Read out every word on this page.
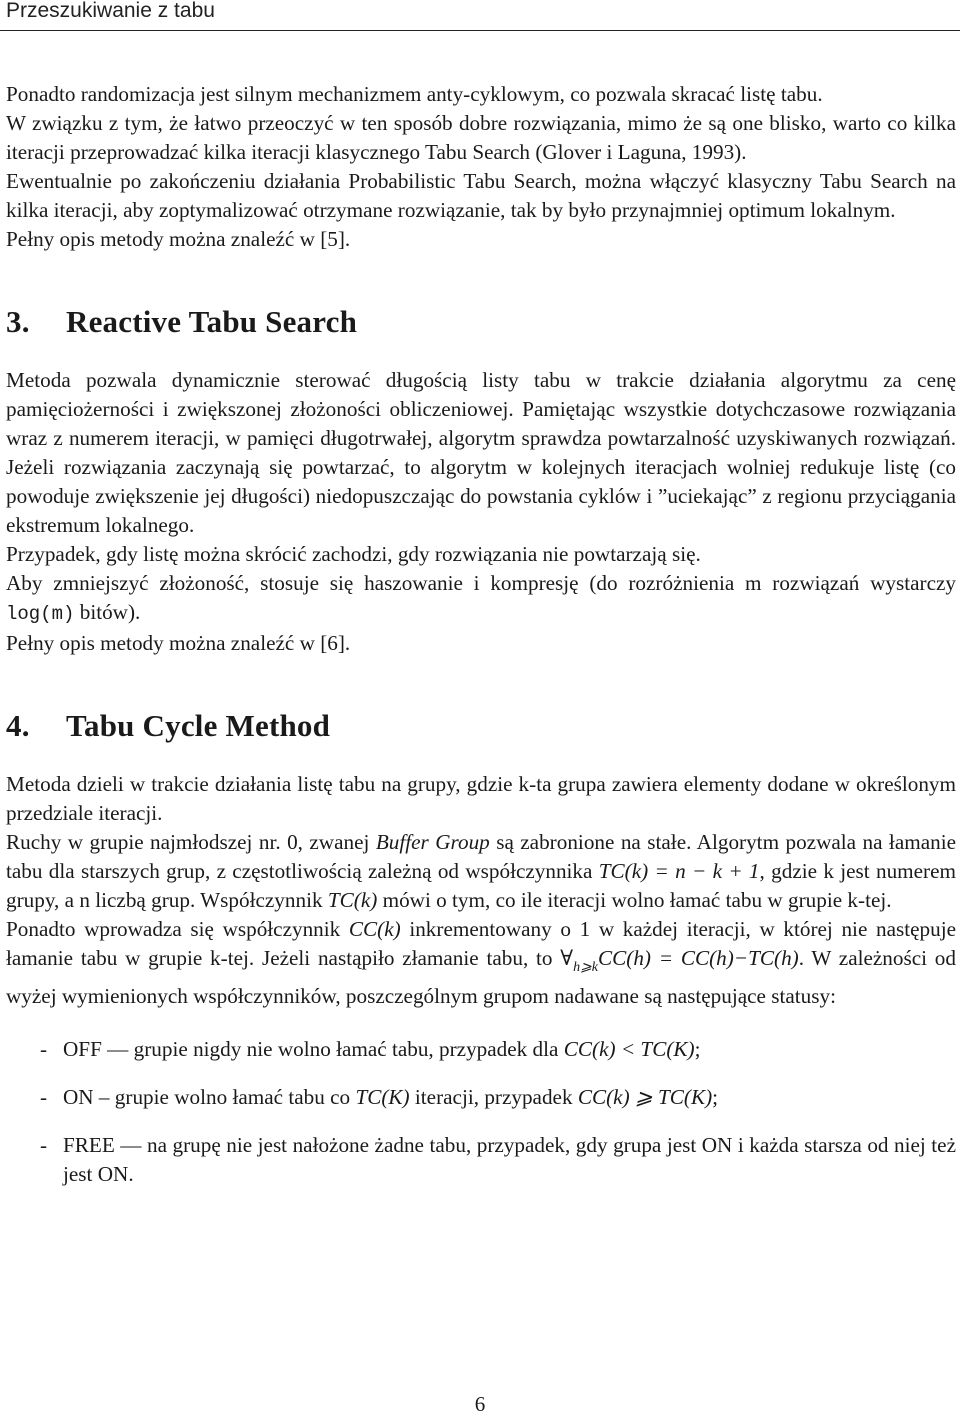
Przeszukiwanie z tabu

Ponadto randomizacja jest silnym mechanizmem anty-cyklowym, co pozwala skracać listę tabu.

W związku z tym, że łatwo przeoczyć w ten sposób dobre rozwiązania, mimo że są one blisko, warto co kilka iteracji przeprowadzać kilka iteracji klasycznego Tabu Search (Glover i Laguna, 1993).

Ewentualnie po zakończeniu działania Probabilistic Tabu Search, można włączyć klasyczny Tabu Search na kilka iteracji, aby zoptymalizować otrzymane rozwiązanie, tak by było przynajmniej optimum lokalnym.

Pełny opis metody można znaleźć w [5].

3. Reactive Tabu Search

Metoda pozwala dynamicznie sterować długością listy tabu w trakcie działania algorytmu za cenę pamięciożerności i zwiększonej złożoności obliczeniowej. Pamiętając wszystkie dotychczasowe rozwiązania wraz z numerem iteracji, w pamięci długotrwałej, algorytm sprawdza powtarzalność uzyskiwanych rozwiązań. Jeżeli rozwiązania zaczynają się powtarzać, to algorytm w kolejnych iteracjach wolniej redukuje listę (co powoduje zwiększenie jej długości) niedopuszczając do powstania cyklów i ”uciekając” z regionu przyciągania ekstremum lokalnego.

Przypadek, gdy listę można skrócić zachodzi, gdy rozwiązania nie powtarzają się.

Aby zmniejszyć złożoność, stosuje się haszowanie i kompresję (do rozróżnienia m rozwiązań wystarczy log(m) bitów).

Pełny opis metody można znaleźć w [6].

4. Tabu Cycle Method

Metoda dzieli w trakcie działania listę tabu na grupy, gdzie k-ta grupa zawiera elementy dodane w określonym przedziale iteracji.

Ruchy w grupie najmłodszej nr. 0, zwanej Buffer Group są zabronione na stałe. Algorytm pozwala na łamanie tabu dla starszych grup, z częstotliwością zależną od współczynnika TC(k) = n − k + 1, gdzie k jest numerem grupy, a n liczbą grup. Współczynnik TC(k) mówi o tym, co ile iteracji wolno łamać tabu w grupie k-tej.

Ponadto wprowadza się współczynnik CC(k) inkrementowany o 1 w każdej iteracji, w której nie następuje łamanie tabu w grupie k-tej. Jeżeli nastąpiło złamanie tabu, to $\forall_{h⩾k}CC(h) = CC(h)-TC(h)$. W zależności od wyżej wymienionych współczynników, poszczególnym grupom nadawane są następujące statusy:

- OFF — grupie nigdy nie wolno łamać tabu, przypadek dla CC(k) < TC(K);
- ON – grupie wolno łamać tabu co TC(K) iteracji, przypadek CC(k) ⩾ TC(K);
- FREE — na grupę nie jest nałożone żadne tabu, przypadek, gdy grupa jest ON i każda starsza od niej też jest ON.
6
